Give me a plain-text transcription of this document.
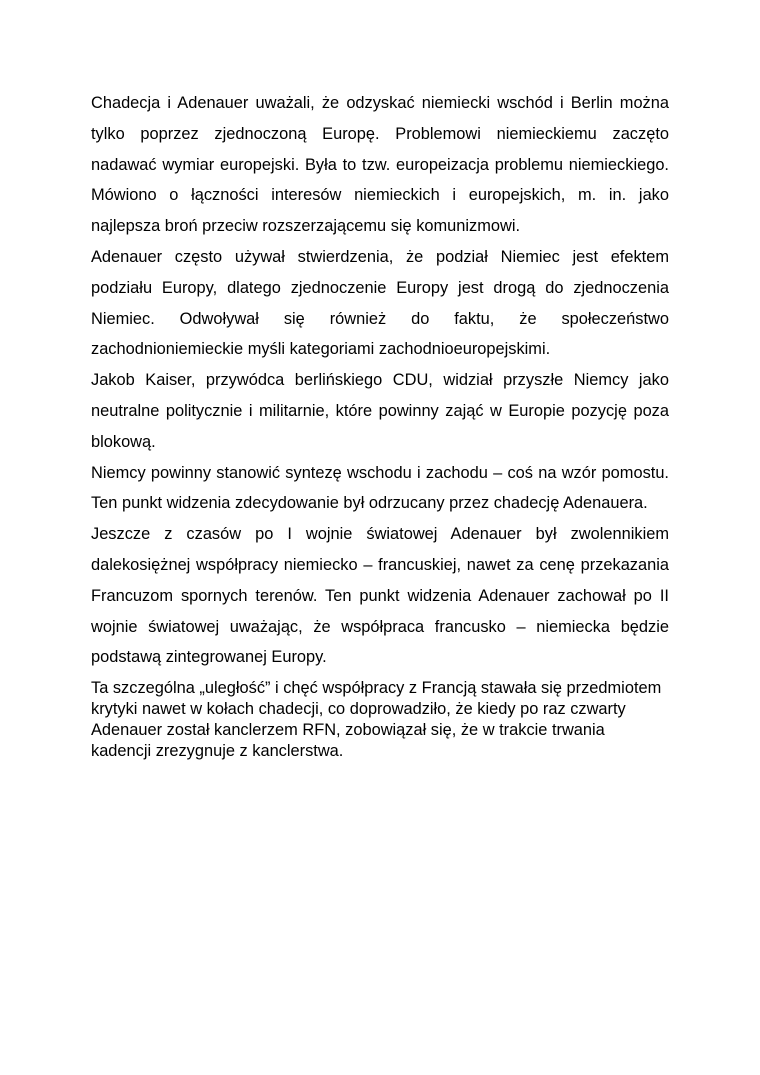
Chadecja i Adenauer uważali, że odzyskać niemiecki wschód i Berlin można tylko poprzez zjednoczoną Europę. Problemowi niemieckiemu zaczęto nadawać wymiar europejski. Była to tzw. europeizacja problemu niemieckiego. Mówiono o łączności interesów niemieckich i europejskich, m. in. jako najlepsza broń przeciw rozszerzającemu się komunizmowi.

Adenauer często używał stwierdzenia, że podział Niemiec jest efektem podziału Europy, dlatego zjednoczenie Europy jest drogą do zjednoczenia Niemiec. Odwoływał się również do faktu, że społeczeństwo zachodnioniemieckie myśli kategoriami zachodnioeuropejskimi.

Jakob Kaiser, przywódca berlińskiego CDU, widział przyszłe Niemcy jako neutralne politycznie i militarnie, które powinny zająć w Europie pozycję poza blokową.

Niemcy powinny stanowić syntezę wschodu i zachodu – coś na wzór pomostu. Ten punkt widzenia zdecydowanie był odrzucany przez chadecję Adenauera.

Jeszcze z czasów po I wojnie światowej Adenauer był zwolennikiem dalekosiężnej współpracy niemiecko – francuskiej, nawet za cenę przekazania Francuzom spornych terenów. Ten punkt widzenia Adenauer zachował po II wojnie światowej uważając, że współpraca francusko – niemiecka będzie podstawą zintegrowanej Europy.

Ta szczególna „uległość” i chęć współpracy z Francją stawała się przedmiotem krytyki nawet w kołach chadecji, co doprowadziło, że kiedy po raz czwarty Adenauer został kanclerzem RFN, zobowiązał się, że w trakcie trwania kadencji zrezygnuje z kanclerstwa.
